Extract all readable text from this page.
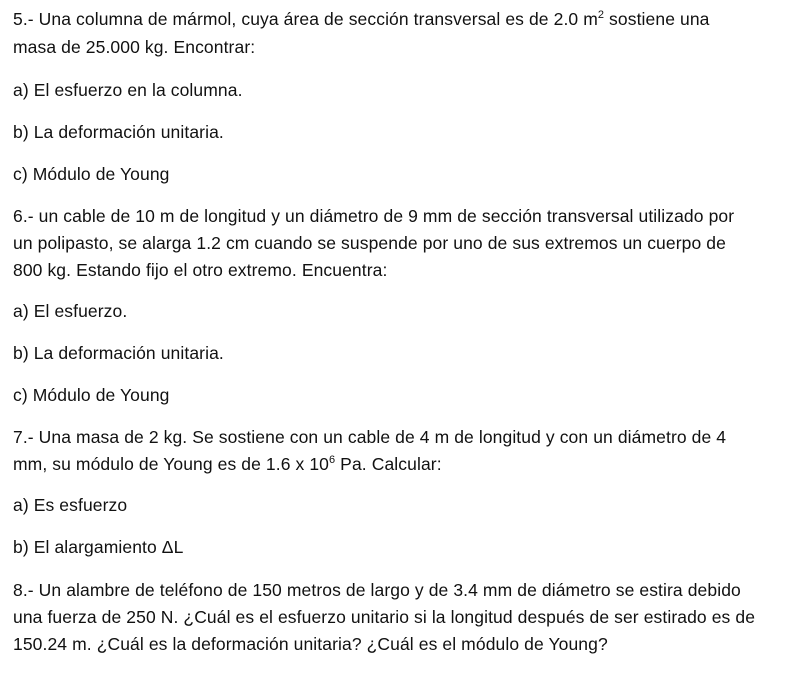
5.- Una columna de mármol, cuya área de sección transversal es de 2.0 $m^2$ sostiene una
masa de 25.000 kg. Encontrar:
a) El esfuerzo en la columna.
b) La deformación unitaria.
c) Módulo de Young
6.- un cable de 10 m de longitud y un diámetro de 9 mm de sección transversal utilizado por
un polipasto, se alarga 1.2 cm cuando se suspende por uno de sus extremos un cuerpo de
800 kg. Estando fijo el otro extremo. Encuentra:
a) El esfuerzo.
b) La deformación unitaria.
c) Módulo de Young
7.- Una masa de 2 kg. Se sostiene con un cable de 4 m de longitud y con un diámetro de 4
mm, su módulo de Young es de 1.6 x $10^6$ Pa. Calcular:
a) Es esfuerzo
b) El alargamiento ΔL
8.- Un alambre de teléfono de 150 metros de largo y de 3.4 mm de diámetro se estira debido
una fuerza de 250 N. ¿Cuál es el esfuerzo unitario si la longitud después de ser estirado es de
150.24 m. ¿Cuál es la deformación unitaria? ¿Cuál es el módulo de Young?
